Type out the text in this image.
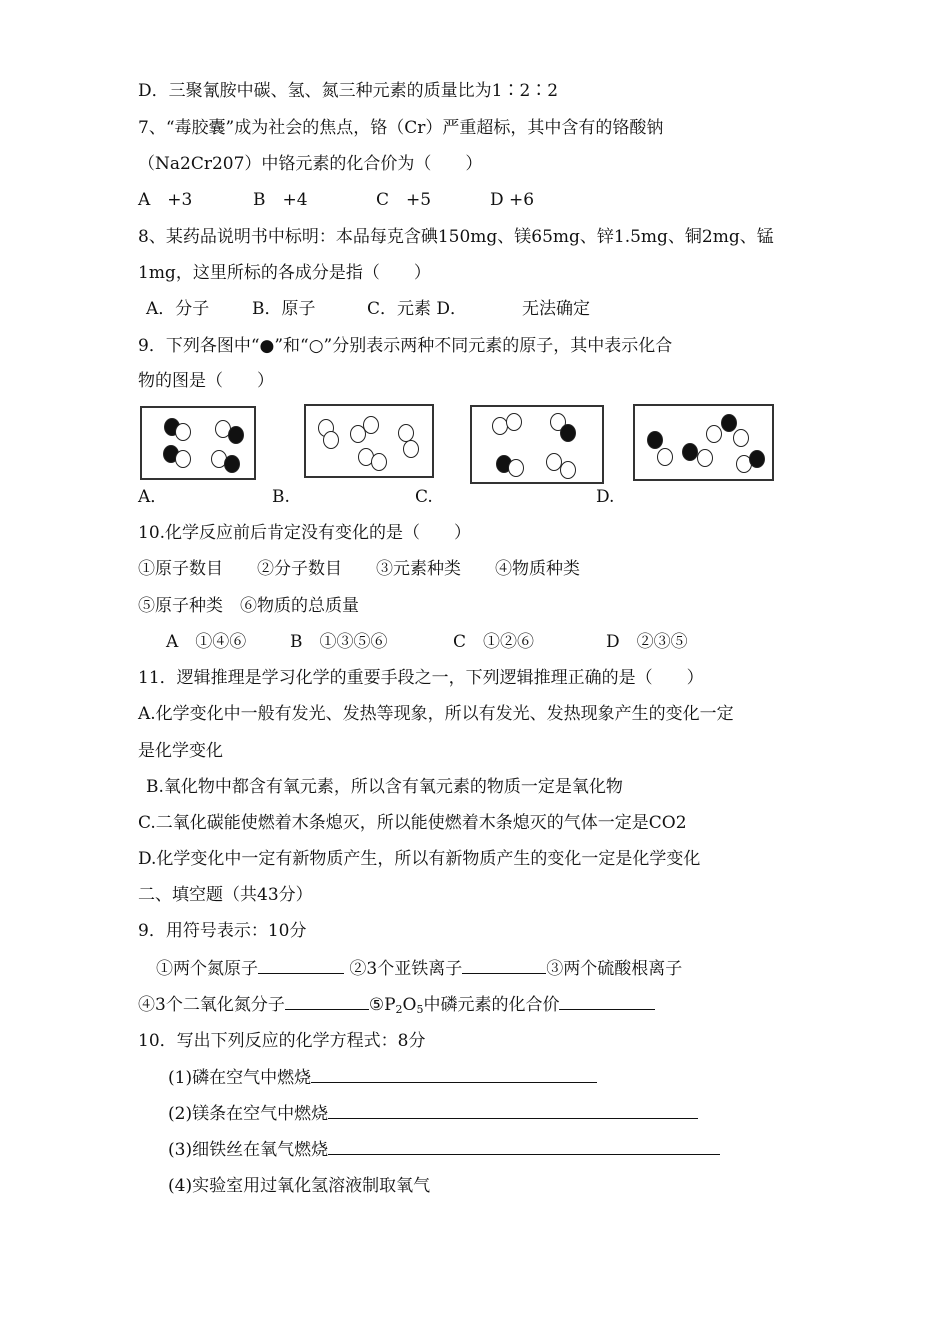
D．三聚氰胺中碳、氢、氮三种元素的质量比为1∶2∶2
7、“毒胶囊”成为社会的焦点，铬（Cr）严重超标，其中含有的铬酸钠
（Na2Cr207）中铬元素的化合价为（　　）
A　+3	B　+4	C　+5	D +6
8、某药品说明书中标明：本品每克含碘150mg、镁65mg、锌1.5mg、铜2mg、锰
1mg，这里所标的各成分是指（　　）
A．分子	B．原子	C．元素 D．	无法确定
9．下列各图中“●”和“○”分别表示两种不同元素的原子，其中表示化合
物的图是（　　）
A．	B.	C.	D.
10.化学反应前后肯定没有变化的是（　　）
①原子数目　　②分子数目　　③元素种类　　④物质种类
⑤原子种类　⑥物质的总质量
A　①④⑥	B　①③⑤⑥	C　①②⑥	D　②③⑤
11．逻辑推理是学习化学的重要手段之一，下列逻辑推理正确的是（　　）
A.化学变化中一般有发光、发热等现象，所以有发光、发热现象产生的变化一定
是化学变化
B.氧化物中都含有氧元素，所以含有氧元素的物质一定是氧化物
C.二氧化碳能使燃着木条熄灭，所以能使燃着木条熄灭的气体一定是CO2
D.化学变化中一定有新物质产生，所以有新物质产生的变化一定是化学变化
二、填空题（共43分）
9．用符号表示：10分
①两个氮原子	②3个亚铁离子	③两个硫酸根离子
④3个二氧化氮分子	$⑤P_2O_5$中磷元素的化合价
10．写出下列反应的化学方程式：8分
(1)磷在空气中燃烧
(2)镁条在空气中燃烧
(3)细铁丝在氧气燃烧
(4)实验室用过氧化氢溶液制取氧气
